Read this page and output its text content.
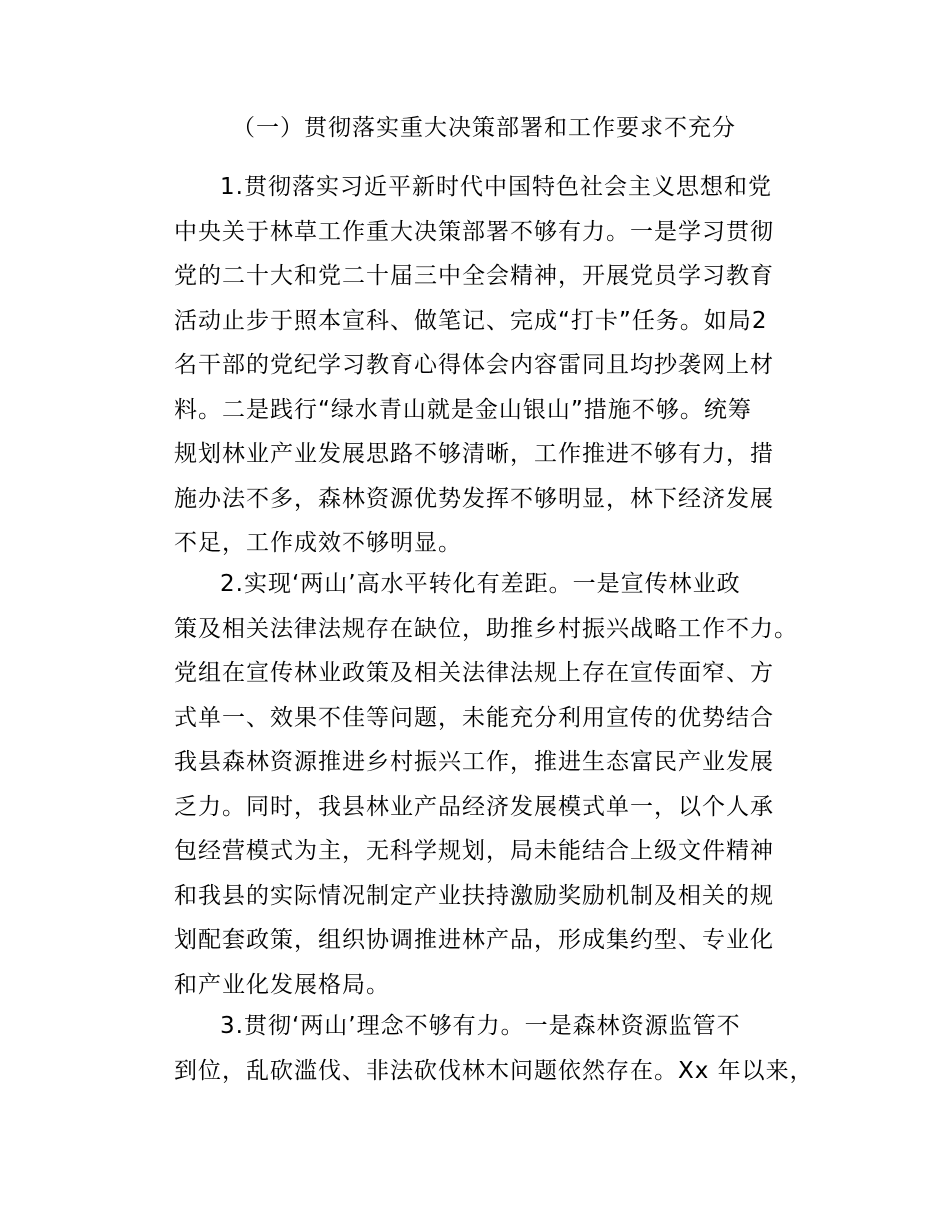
（一）贯彻落实重大决策部署和工作要求不充分

1.贯彻落实习近平新时代中国特色社会主义思想和党
中央关于林草工作重大决策部署不够有力。一是学习贯彻
党的二十大和党二十届三中全会精神，开展党员学习教育
活动止步于照本宣科、做笔记、完成“打卡”任务。如局2
名干部的党纪学习教育心得体会内容雷同且均抄袭网上材
料。二是践行“绿水青山就是金山银山”措施不够。统筹
规划林业产业发展思路不够清晰，工作推进不够有力，措
施办法不多，森林资源优势发挥不够明显，林下经济发展
不足，工作成效不够明显。

2.实现‘两山’高水平转化有差距。一是宣传林业政
策及相关法律法规存在缺位，助推乡村振兴战略工作不力。
党组在宣传林业政策及相关法律法规上存在宣传面窄、方
式单一、效果不佳等问题，未能充分利用宣传的优势结合
我县森林资源推进乡村振兴工作，推进生态富民产业发展
乏力。同时，我县林业产品经济发展模式单一，以个人承
包经营模式为主，无科学规划，局未能结合上级文件精神
和我县的实际情况制定产业扶持激励奖励机制及相关的规
划配套政策，组织协调推进林产品，形成集约型、专业化
和产业化发展格局。

3.贯彻‘两山’理念不够有力。一是森林资源监管不
到位，乱砍滥伐、非法砍伐林木问题依然存在。Xx 年以来，
